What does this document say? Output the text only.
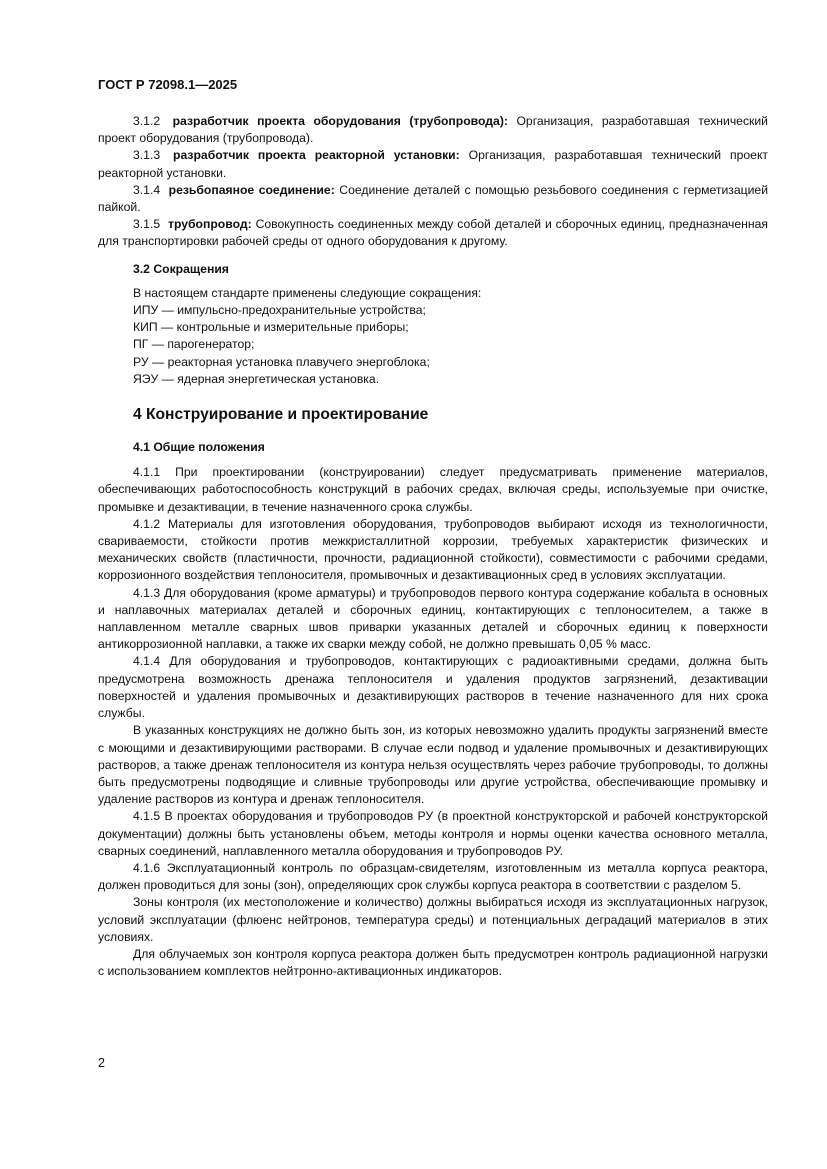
ГОСТ Р 72098.1—2025

3.1.2 разработчик проекта оборудования (трубопровода): Организация, разработавшая технический проект оборудования (трубопровода).

3.1.3 разработчик проекта реакторной установки: Организация, разработавшая технический проект реакторной установки.

3.1.4 резьбопаяное соединение: Соединение деталей с помощью резьбового соединения с герметизацией пайкой.

3.1.5 трубопровод: Совокупность соединенных между собой деталей и сборочных единиц, предназначенная для транспортировки рабочей среды от одного оборудования к другому.

3.2 Сокращения

В настоящем стандарте применены следующие сокращения:

ИПУ — импульсно-предохранительные устройства;

КИП — контрольные и измерительные приборы;

ПГ — парогенератор;

РУ — реакторная установка плавучего энергоблока;

ЯЭУ — ядерная энергетическая установка.

4 Конструирование и проектирование

4.1 Общие положения

4.1.1 При проектировании (конструировании) следует предусматривать применение материалов, обеспечивающих работоспособность конструкций в рабочих средах, включая среды, используемые при очистке, промывке и дезактивации, в течение назначенного срока службы.

4.1.2 Материалы для изготовления оборудования, трубопроводов выбирают исходя из технологичности, свариваемости, стойкости против межкристаллитной коррозии, требуемых характеристик физических и механических свойств (пластичности, прочности, радиационной стойкости), совместимости с рабочими средами, коррозионного воздействия теплоносителя, промывочных и дезактивационных сред в условиях эксплуатации.

4.1.3 Для оборудования (кроме арматуры) и трубопроводов первого контура содержание кобальта в основных и наплавочных материалах деталей и сборочных единиц, контактирующих с теплоносителем, а также в наплавленном металле сварных швов приварки указанных деталей и сборочных единиц к поверхности антикоррозионной наплавки, а также их сварки между собой, не должно превышать 0,05 % масс.

4.1.4 Для оборудования и трубопроводов, контактирующих с радиоактивными средами, должна быть предусмотрена возможность дренажа теплоносителя и удаления продуктов загрязнений, дезактивации поверхностей и удаления промывочных и дезактивирующих растворов в течение назначенного для них срока службы.

В указанных конструкциях не должно быть зон, из которых невозможно удалить продукты загрязнений вместе с моющими и дезактивирующими растворами. В случае если подвод и удаление промывочных и дезактивирующих растворов, а также дренаж теплоносителя из контура нельзя осуществлять через рабочие трубопроводы, то должны быть предусмотрены подводящие и сливные трубопроводы или другие устройства, обеспечивающие промывку и удаление растворов из контура и дренаж теплоносителя.

4.1.5 В проектах оборудования и трубопроводов РУ (в проектной конструкторской и рабочей конструкторской документации) должны быть установлены объем, методы контроля и нормы оценки качества основного металла, сварных соединений, наплавленного металла оборудования и трубопроводов РУ.

4.1.6 Эксплуатационный контроль по образцам-свидетелям, изготовленным из металла корпуса реактора, должен проводиться для зоны (зон), определяющих срок службы корпуса реактора в соответствии с разделом 5.

Зоны контроля (их местоположение и количество) должны выбираться исходя из эксплуатационных нагрузок, условий эксплуатации (флюенс нейтронов, температура среды) и потенциальных деградаций материалов в этих условиях.

Для облучаемых зон контроля корпуса реактора должен быть предусмотрен контроль радиационной нагрузки с использованием комплектов нейтронно-активационных индикаторов.

2
